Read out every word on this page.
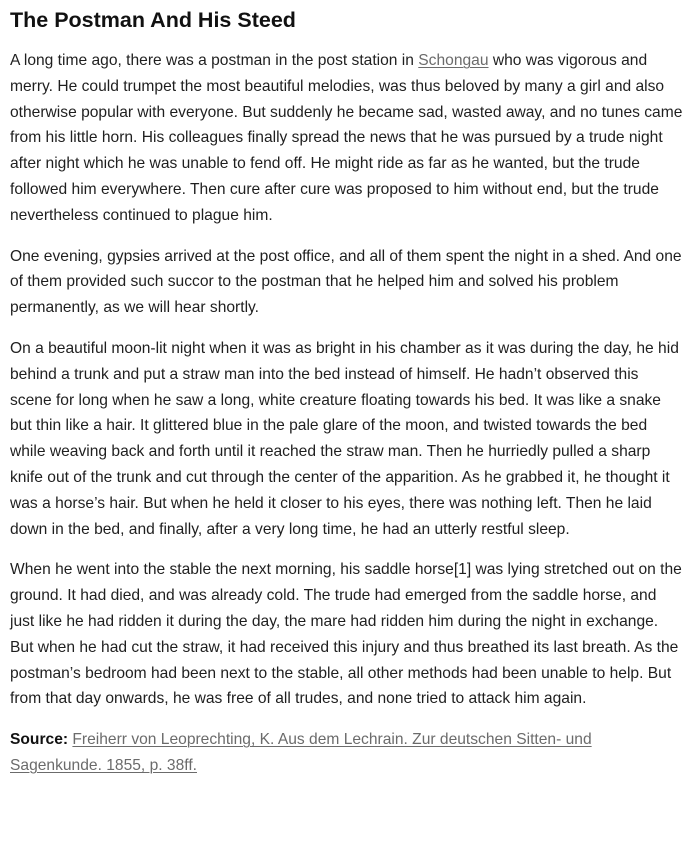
The Postman And His Steed

A long time ago, there was a postman in the post station in Schongau who was vigorous and merry. He could trumpet the most beautiful melodies, was thus beloved by many a girl and also otherwise popular with everyone. But suddenly he became sad, wasted away, and no tunes came from his little horn. His colleagues finally spread the news that he was pursued by a trude night after night which he was unable to fend off. He might ride as far as he wanted, but the trude followed him everywhere. Then cure after cure was proposed to him without end, but the trude nevertheless continued to plague him.

One evening, gypsies arrived at the post office, and all of them spent the night in a shed. And one of them provided such succor to the postman that he helped him and solved his problem permanently, as we will hear shortly.

On a beautiful moon-lit night when it was as bright in his chamber as it was during the day, he hid behind a trunk and put a straw man into the bed instead of himself. He hadn’t observed this scene for long when he saw a long, white creature floating towards his bed. It was like a snake but thin like a hair. It glittered blue in the pale glare of the moon, and twisted towards the bed while weaving back and forth until it reached the straw man. Then he hurriedly pulled a sharp knife out of the trunk and cut through the center of the apparition. As he grabbed it, he thought it was a horse’s hair. But when he held it closer to his eyes, there was nothing left. Then he laid down in the bed, and finally, after a very long time, he had an utterly restful sleep.

When he went into the stable the next morning, his saddle horse[1] was lying stretched out on the ground. It had died, and was already cold. The trude had emerged from the saddle horse, and just like he had ridden it during the day, the mare had ridden him during the night in exchange. But when he had cut the straw, it had received this injury and thus breathed its last breath. As the postman’s bedroom had been next to the stable, all other methods had been unable to help. But from that day onwards, he was free of all trudes, and none tried to attack him again.

Source: Freiherr von Leoprechting, K. Aus dem Lechrain. Zur deutschen Sitten- und Sagenkunde. 1855, p. 38ff.
